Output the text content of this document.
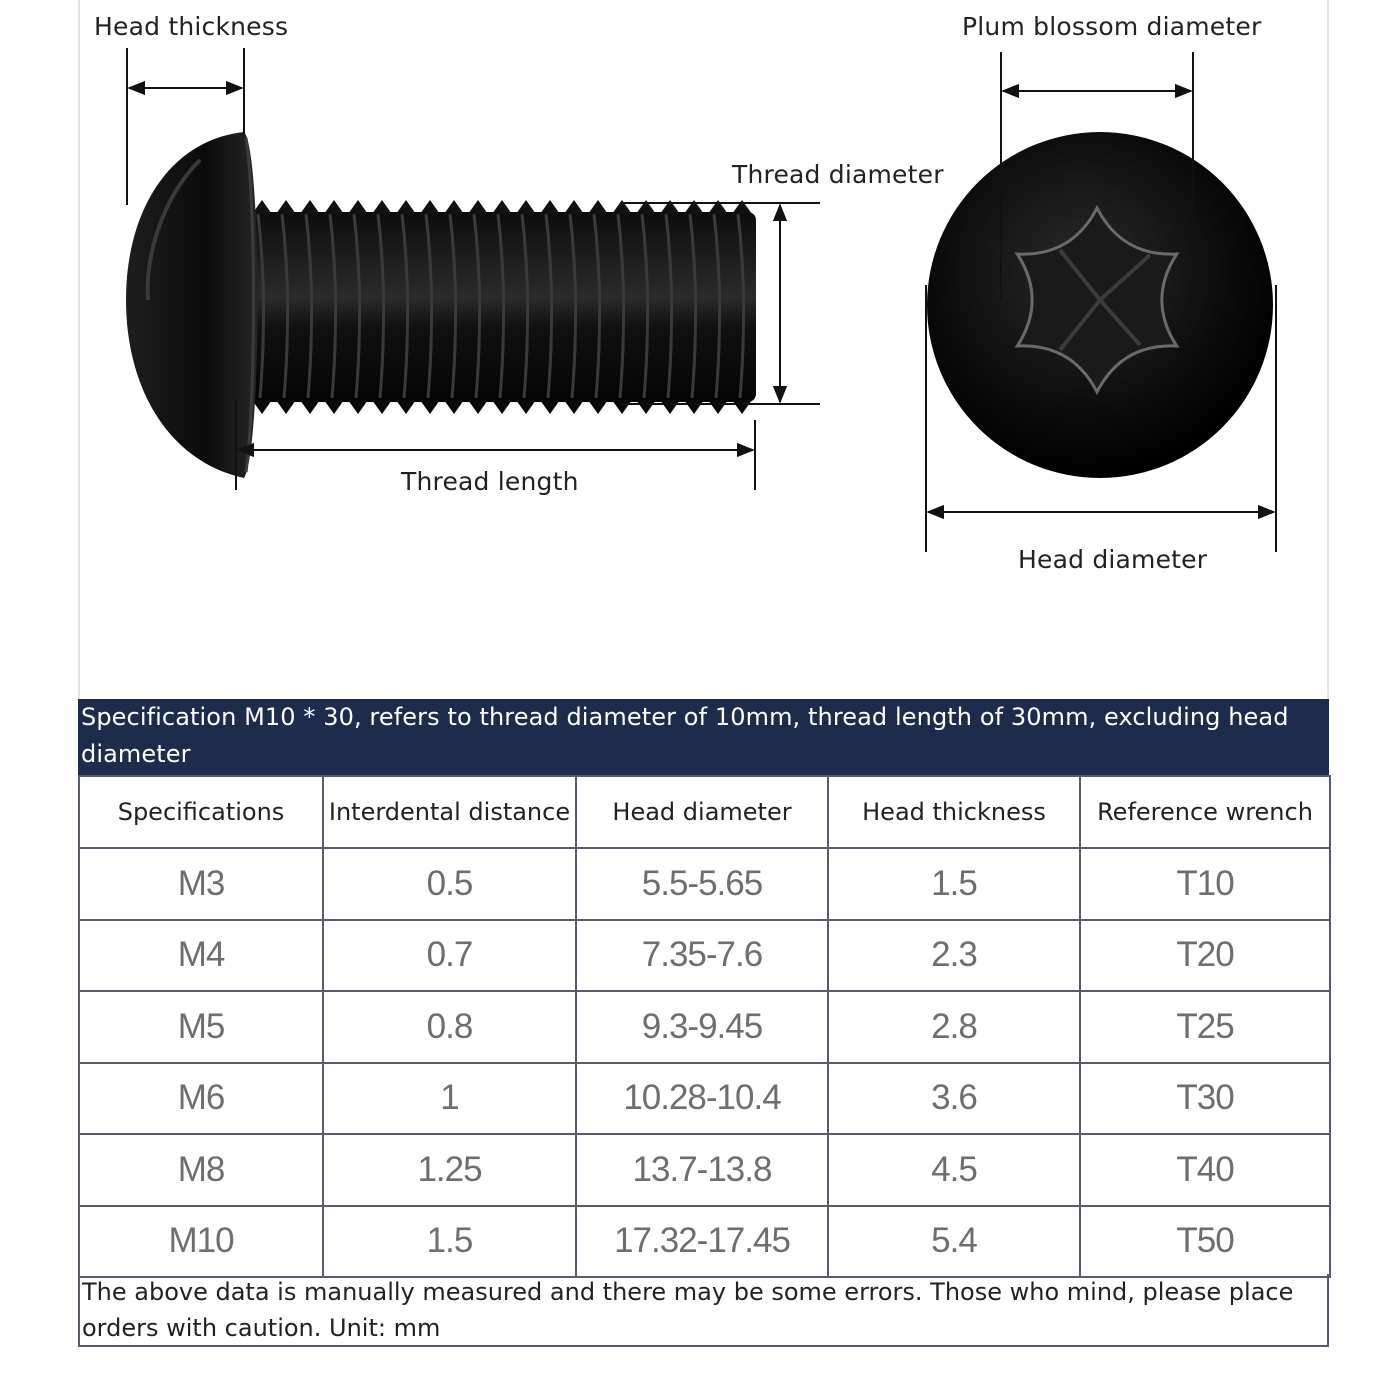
Head thickness	Plum blossom diameter
Thread diameter
Thread length
Head diameter
Specification M10 * 30, refers to thread diameter of 10mm, thread length of 30mm, excluding head diameter
Specifications	Interdental distance	Head diameter	Head thickness	Reference wrench
M3	0.5	5.5-5.65	1.5	T10
M4	0.7	7.35-7.6	2.3	T20
M5	0.8	9.3-9.45	2.8	T25
M6	1	10.28-10.4	3.6	T30
M8	1.25	13.7-13.8	4.5	T40
M10	1.5	17.32-17.45	5.4	T50
The above data is manually measured and there may be some errors. Those who mind, please place orders with caution. Unit: mm
